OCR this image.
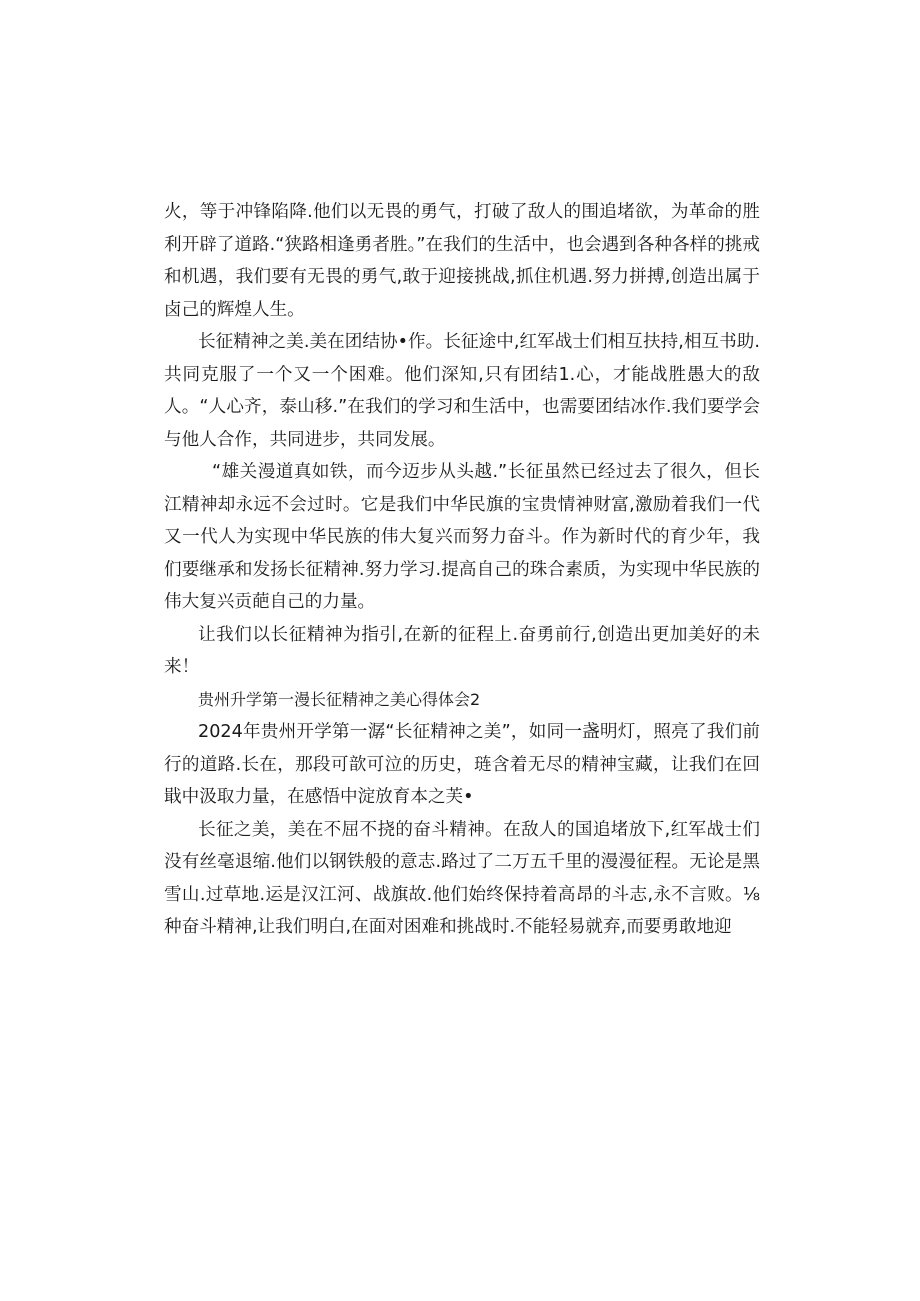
火，等于冲锋陷降.他们以无畏的勇气，打破了敌人的围追堵欲，为革命的胜利开辟了道路.“狭路相逢勇者胜。”在我们的生活中，也会遇到各种各样的挑戒和机遇，我们要有无畏的勇气,敢于迎接挑战,抓住机遇.努力拼搏,创造出属于卤己的辉煌人生。

长征精神之美.美在团结协•作。长征途中,红军战士们相互扶持,相互书助.共同克服了一个又一个困难。他们深知,只有团结1.心，才能战胜愚大的敌人。“人心齐，泰山移.”在我们的学习和生活中，也需要团结冰作.我们要学会与他人合作，共同进步，共同发展。

“雄关漫道真如铁，而今迈步从头越.”长征虽然已经过去了很久，但长江精神却永远不会过时。它是我们中华民旗的宝贵情神财富,激励着我们一代又一代人为实现中华民族的伟大复兴而努力奋斗。作为新时代的育少年，我们要继承和发扬长征精神.努力学习.提高自己的珠合素质，为实现中华民族的伟大复兴贡葩自己的力量。

让我们以长征精神为指引,在新的征程上.奋勇前行,创造出更加美好的未来！

贵州升学第一漫长征精神之美心得体会2

2024年贵州开学第一潺“长征精神之美”，如同一盏明灯，照亮了我们前行的道路.长在，那段可歆可泣的历史，琏含着无尽的精神宝藏，让我们在回戢中汲取力量，在感悟中淀放育本之芙•

长征之美，美在不屈不挠的奋斗精神。在敌人的国追堵放下,红军战士们没有丝毫退缩.他们以钢铁般的意志.路过了二万五千里的漫漫征程。无论是黑雪山.过草地.运是汉江河、战旗故.他们始终保持着高昂的斗志,永不言败。⅛种奋斗精神,让我们明白,在面对困难和挑战时.不能轻易就弃,而要勇敢地迎
